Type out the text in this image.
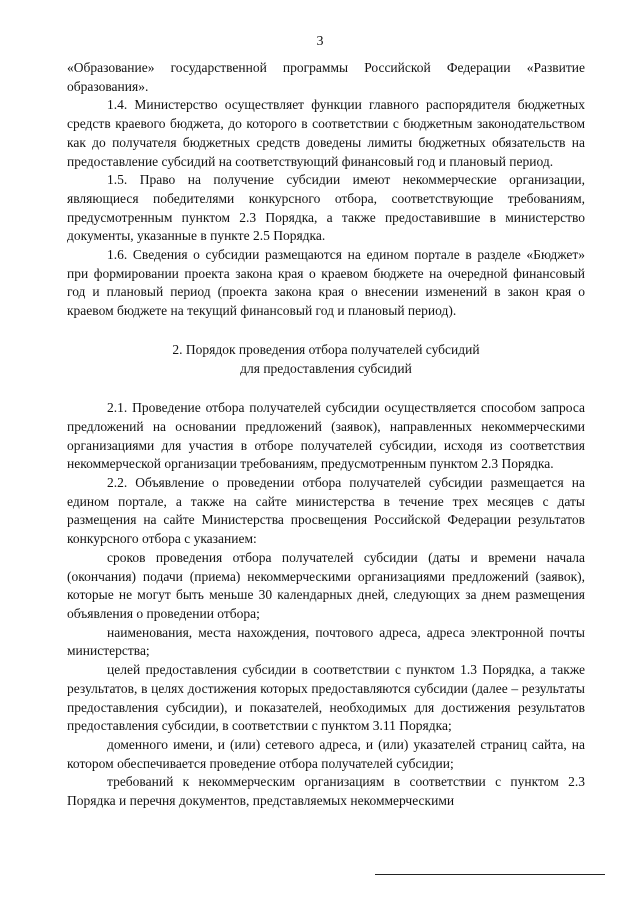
3

«Образование» государственной программы Российской Федерации «Развитие образования».

1.4. Министерство осуществляет функции главного распорядителя бюджетных средств краевого бюджета, до которого в соответствии с бюджетным законодательством как до получателя бюджетных средств доведены лимиты бюджетных обязательств на предоставление субсидий на соответствующий финансовый год и плановый период.

1.5. Право на получение субсидии имеют некоммерческие организации, являющиеся победителями конкурсного отбора, соответствующие требованиям, предусмотренным пунктом 2.3 Порядка, а также предоставившие в министерство документы, указанные в пункте 2.5 Порядка.

1.6. Сведения о субсидии размещаются на едином портале в разделе «Бюджет» при формировании проекта закона края о краевом бюджете на очередной финансовый год и плановый период (проекта закона края о внесении изменений в закон края о краевом бюджете на текущий финансовый год и плановый период).

2. Порядок проведения отбора получателей субсидий
для предоставления субсидий

2.1. Проведение отбора получателей субсидии осуществляется способом запроса предложений на основании предложений (заявок), направленных некоммерческими организациями для участия в отборе получателей субсидии, исходя из соответствия некоммерческой организации требованиям, предусмотренным пунктом 2.3 Порядка.

2.2. Объявление о проведении отбора получателей субсидии размещается на едином портале, а также на сайте министерства в течение трех месяцев с даты размещения на сайте Министерства просвещения Российской Федерации результатов конкурсного отбора с указанием:

сроков проведения отбора получателей субсидии (даты и времени начала (окончания) подачи (приема) некоммерческими организациями предложений (заявок), которые не могут быть меньше 30 календарных дней, следующих за днем размещения объявления о проведении отбора;

наименования, места нахождения, почтового адреса, адреса электронной почты министерства;

целей предоставления субсидии в соответствии с пунктом 1.3 Порядка, а также результатов, в целях достижения которых предоставляются субсидии (далее – результаты предоставления субсидии), и показателей, необходимых для достижения результатов предоставления субсидии, в соответствии с пунктом 3.11 Порядка;

доменного имени, и (или) сетевого адреса, и (или) указателей страниц сайта, на котором обеспечивается проведение отбора получателей субсидии;

требований к некоммерческим организациям в соответствии с пунктом 2.3 Порядка и перечня документов, представляемых некоммерческими
